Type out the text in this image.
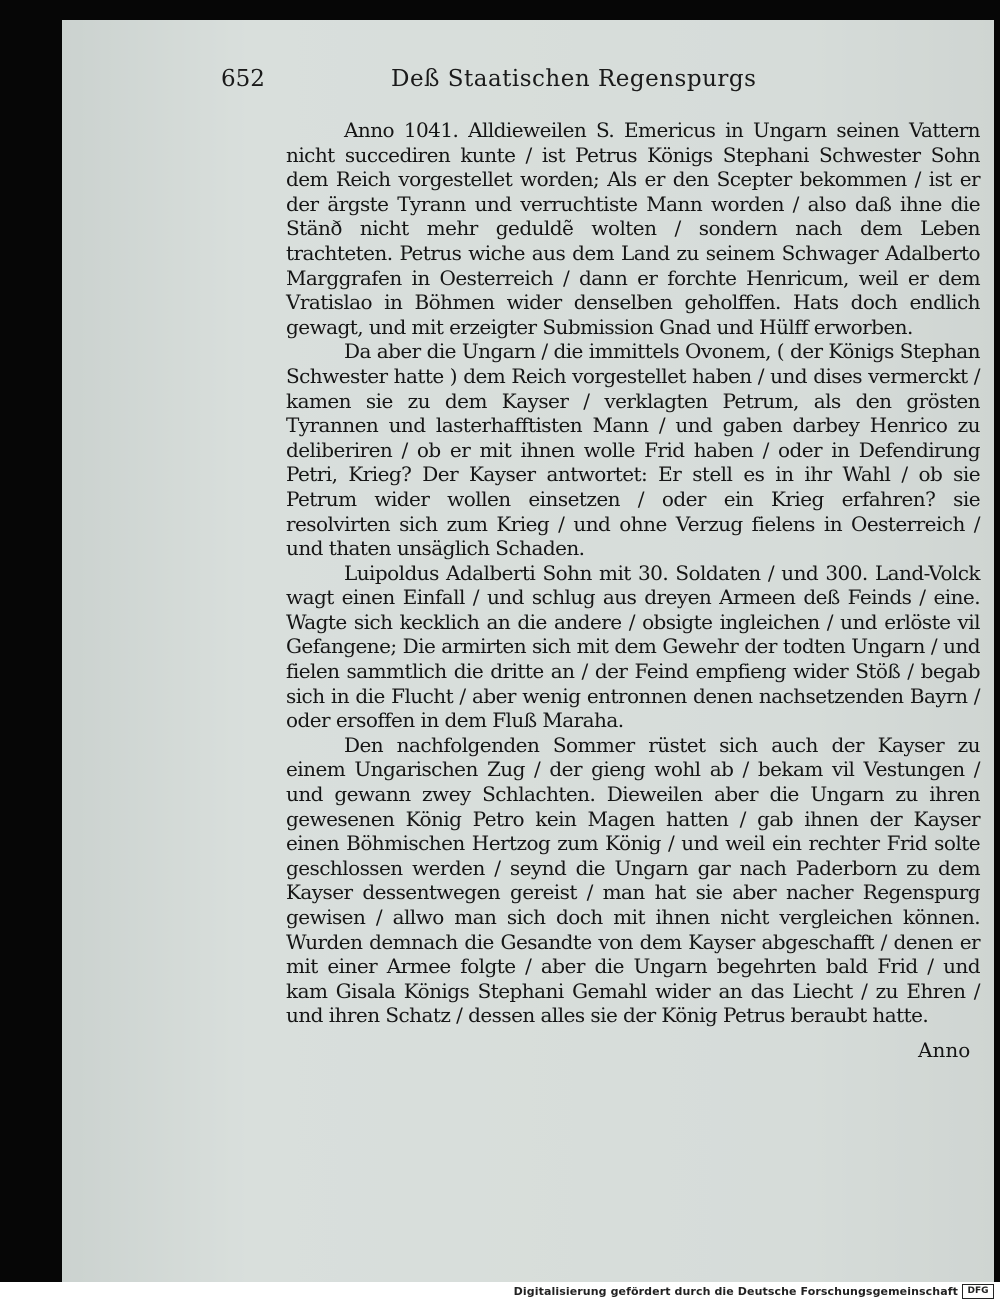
652	Deß Staatischen Regenspurgs

Anno 1041. Alldieweilen S. Emericus in Ungarn seinen Vattern nicht succediren kunte / ist Petrus Königs Stephani Schwester Sohn dem Reich vorgestellet worden; Als er den Scepter bekommen / ist er der ärgste Tyrann und verruchtiste Mann worden / also daß ihne die Stänð nicht mehr geduldẽ wolten / sondern nach dem Leben trachteten. Petrus wiche aus dem Land zu seinem Schwager Adalberto Marggrafen in Oesterreich / dann er forchte Henricum, weil er dem Vratislao in Böhmen wider denselben geholffen. Hats doch endlich gewagt, und mit erzeigter Submission Gnad und Hülff erworben.

Da aber die Ungarn / die immittels Ovonem, ( der Königs Stephan Schwester hatte ) dem Reich vorgestellet haben / und dises vermerckt / kamen sie zu dem Kayser / verklagten Petrum, als den grösten Tyrannen und lasterhafftisten Mann / und gaben darbey Henrico zu deliberiren / ob er mit ihnen wolle Frid haben / oder in Defendirung Petri, Krieg? Der Kayser antwortet: Er stell es in ihr Wahl / ob sie Petrum wider wollen einsetzen / oder ein Krieg erfahren? sie resolvirten sich zum Krieg / und ohne Verzug fielens in Oesterreich / und thaten unsäglich Schaden.

Luipoldus Adalberti Sohn mit 30. Soldaten / und 300. Land-Volck wagt einen Einfall / und schlug aus dreyen Armeen deß Feinds / eine. Wagte sich kecklich an die andere / obsigte ingleichen / und erlöste vil Gefangene; Die armirten sich mit dem Gewehr der todten Ungarn / und fielen sammtlich die dritte an / der Feind empfieng wider Stöß / begab sich in die Flucht / aber wenig entronnen denen nachsetzenden Bayrn / oder ersoffen in dem Fluß Maraha.

Den nachfolgenden Sommer rüstet sich auch der Kayser zu einem Ungarischen Zug / der gieng wohl ab / bekam vil Vestungen / und gewann zwey Schlachten. Dieweilen aber die Ungarn zu ihren gewesenen König Petro kein Magen hatten / gab ihnen der Kayser einen Böhmischen Hertzog zum König / und weil ein rechter Frid solte geschlossen werden / seynd die Ungarn gar nach Paderborn zu dem Kayser dessentwegen gereist / man hat sie aber nacher Regenspurg gewisen / allwo man sich doch mit ihnen nicht vergleichen können. Wurden demnach die Gesandte von dem Kayser abgeschafft / denen er mit einer Armee folgte / aber die Ungarn begehrten bald Frid / und kam Gisala Königs Stephani Gemahl wider an das Liecht / zu Ehren / und ihren Schatz / dessen alles sie der König Petrus beraubt hatte.

Anno
Digitalisierung gefördert durch die Deutsche Forschungsgemeinschaft	DFG
